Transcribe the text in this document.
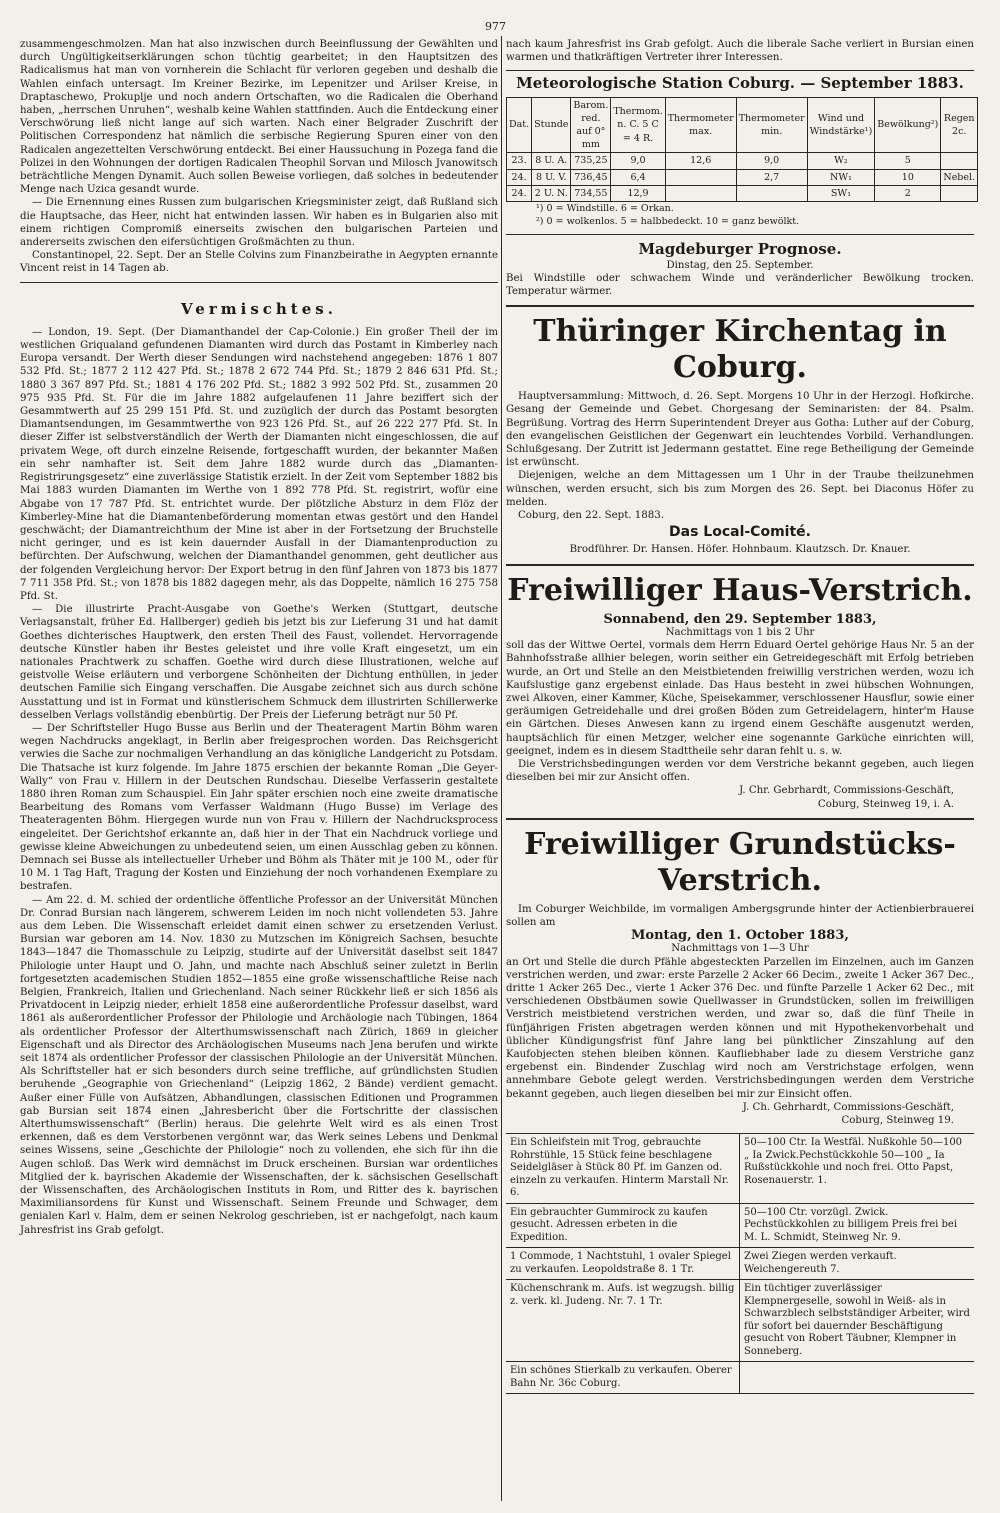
977

zusammengeschmolzen. Man hat also inzwischen durch Beeinflussung der Gewählten und durch Ungültigkeitserklärungen schon tüchtig gearbeitet; in den Hauptsitzen des Radicalismus hat man von vornherein die Schlacht für verloren gegeben und deshalb die Wahlen einfach untersagt. Im Kreiner Bezirke, im Lepenitzer und Arilser Kreise, in Draptaschewo, Prokuplje und noch andern Ortschaften, wo die Radicalen die Oberhand haben, „herrschen Unruhen“, weshalb keine Wahlen stattfinden. Auch die Entdeckung einer Verschwörung ließ nicht lange auf sich warten. Nach einer Belgrader Zuschrift der Politischen Correspondenz hat nämlich die serbische Regierung Spuren einer von den Radicalen angezettelten Verschwörung entdeckt. Bei einer Haussuchung in Pozega fand die Polizei in den Wohnungen der dortigen Radicalen Theophil Sorvan und Milosch Jvanowitsch beträchtliche Mengen Dynamit. Auch sollen Beweise vorliegen, daß solches in bedeutender Menge nach Uzica gesandt wurde.

— Die Ernennung eines Russen zum bulgarischen Kriegsminister zeigt, daß Rußland sich die Hauptsache, das Heer, nicht hat entwinden lassen. Wir haben es in Bulgarien also mit einem richtigen Compromiß einerseits zwischen den bulgarischen Parteien und andererseits zwischen den eifersüchtigen Großmächten zu thun.

Constantinopel, 22. Sept. Der an Stelle Colvins zum Finanzbeirathe in Aegypten ernannte Vincent reist in 14 Tagen ab.

Vermischtes.

— London, 19. Sept. (Der Diamanthandel der Cap-Colonie.) Ein großer Theil der im westlichen Griqualand gefundenen Diamanten wird durch das Postamt in Kimberley nach Europa versandt. Der Werth dieser Sendungen wird nachstehend angegeben: 1876 1 807 532 Pfd. St.; 1877 2 112 427 Pfd. St.; 1878 2 672 744 Pfd. St.; 1879 2 846 631 Pfd. St.; 1880 3 367 897 Pfd. St.; 1881 4 176 202 Pfd. St.; 1882 3 992 502 Pfd. St., zusammen 20 975 935 Pfd. St. Für die im Jahre 1882 aufgelaufenen 11 Jahre beziffert sich der Gesammtwerth auf 25 299 151 Pfd. St. und zuzüglich der durch das Postamt besorgten Diamantsendungen, im Gesammtwerthe von 923 126 Pfd. St., auf 26 222 277 Pfd. St. In dieser Ziffer ist selbstverständlich der Werth der Diamanten nicht eingeschlossen, die auf privatem Wege, oft durch einzelne Reisende, fortgeschafft wurden, der bekannter Maßen ein sehr namhafter ist. Seit dem Jahre 1882 wurde durch das „Diamanten-Registrirungsgesetz“ eine zuverlässige Statistik erzielt. In der Zeit vom September 1882 bis Mai 1883 wurden Diamanten im Werthe von 1 892 778 Pfd. St. registrirt, wofür eine Abgabe von 17 787 Pfd. St. entrichtet wurde. Der plötzliche Absturz in dem Flöz der Kimberley-Mine hat die Diamantenbeförderung momentan etwas gestört und den Handel geschwächt; der Diamantreichthum der Mine ist aber in der Fortsetzung der Bruchstelle nicht geringer, und es ist kein dauernder Ausfall in der Diamantenproduction zu befürchten. Der Aufschwung, welchen der Diamanthandel genommen, geht deutlicher aus der folgenden Vergleichung hervor: Der Export betrug in den fünf Jahren von 1873 bis 1877 7 711 358 Pfd. St.; von 1878 bis 1882 dagegen mehr, als das Doppelte, nämlich 16 275 758 Pfd. St.

— Die illustrirte Pracht-Ausgabe von Goethe's Werken (Stuttgart, deutsche Verlagsanstalt, früher Ed. Hallberger) gedieh bis jetzt bis zur Lieferung 31 und hat damit Goethes dichterisches Hauptwerk, den ersten Theil des Faust, vollendet. Hervorragende deutsche Künstler haben ihr Bestes geleistet und ihre volle Kraft eingesetzt, um ein nationales Prachtwerk zu schaffen. Goethe wird durch diese Illustrationen, welche auf geistvolle Weise erläutern und verborgene Schönheiten der Dichtung enthüllen, in jeder deutschen Familie sich Eingang verschaffen. Die Ausgabe zeichnet sich aus durch schöne Ausstattung und ist in Format und künstlerischem Schmuck dem illustrirten Schillerwerke desselben Verlags vollständig ebenbürtig. Der Preis der Lieferung beträgt nur 50 Pf.

— Der Schriftsteller Hugo Busse aus Berlin und der Theateragent Martin Böhm waren wegen Nachdrucks angeklagt, in Berlin aber freigesprochen worden. Das Reichsgericht verwies die Sache zur nochmaligen Verhandlung an das königliche Landgericht zu Potsdam. Die Thatsache ist kurz folgende. Im Jahre 1875 erschien der bekannte Roman „Die Geyer-Wally“ von Frau v. Hillern in der Deutschen Rundschau. Dieselbe Verfasserin gestaltete 1880 ihren Roman zum Schauspiel. Ein Jahr später erschien noch eine zweite dramatische Bearbeitung des Romans vom Verfasser Waldmann (Hugo Busse) im Verlage des Theateragenten Böhm. Hiergegen wurde nun von Frau v. Hillern der Nachdrucksprocess eingeleitet. Der Gerichtshof erkannte an, daß hier in der That ein Nachdruck vorliege und gewisse kleine Abweichungen zu unbedeutend seien, um einen Ausschlag geben zu können. Demnach sei Busse als intellectueller Urheber und Böhm als Thäter mit je 100 M., oder für 10 M. 1 Tag Haft, Tragung der Kosten und Einziehung der noch vorhandenen Exemplare zu bestrafen.

— Am 22. d. M. schied der ordentliche öffentliche Professor an der Universität München Dr. Conrad Bursian nach längerem, schwerem Leiden im noch nicht vollendeten 53. Jahre aus dem Leben. Die Wissenschaft erleidet damit einen schwer zu ersetzenden Verlust. Bursian war geboren am 14. Nov. 1830 zu Mutzschen im Königreich Sachsen, besuchte 1843—1847 die Thomasschule zu Leipzig, studirte auf der Universität daselbst seit 1847 Philologie unter Haupt und O. Jahn, und machte nach Abschluß seiner zuletzt in Berlin fortgesetzten academischen Studien 1852—1855 eine große wissenschaftliche Reise nach Belgien, Frankreich, Italien und Griechenland. Nach seiner Rückkehr ließ er sich 1856 als Privatdocent in Leipzig nieder, erhielt 1858 eine außerordentliche Professur daselbst, ward 1861 als außerordentlicher Professor der Philologie und Archäologie nach Tübingen, 1864 als ordentlicher Professor der Alterthumswissenschaft nach Zürich, 1869 in gleicher Eigenschaft und als Director des Archäologischen Museums nach Jena berufen und wirkte seit 1874 als ordentlicher Professor der classischen Philologie an der Universität München. Als Schriftsteller hat er sich besonders durch seine treffliche, auf gründlichsten Studien beruhende „Geographie von Griechenland“ (Leipzig 1862, 2 Bände) verdient gemacht. Außer einer Fülle von Aufsätzen, Abhandlungen, classischen Editionen und Programmen gab Bursian seit 1874 einen „Jahresbericht über die Fortschritte der classischen Alterthumswissenschaft“ (Berlin) heraus. Die gelehrte Welt wird es als einen Trost erkennen, daß es dem Verstorbenen vergönnt war, das Werk seines Lebens und Denkmal seines Wissens, seine „Geschichte der Philologie“ noch zu vollenden, ehe sich für ihn die Augen schloß. Das Werk wird demnächst im Druck erscheinen. Bursian war ordentliches Mitglied der k. bayrischen Akademie der Wissenschaften, der k. sächsischen Gesellschaft der Wissenschaften, des Archäologischen Instituts in Rom, und Ritter des k. bayrischen Maximiliansordens für Kunst und Wissenschaft. Seinem Freunde und Schwager, dem genialen Karl v. Halm, dem er seinen Nekrolog geschrieben, ist er nachgefolgt, nach kaum Jahresfrist ins Grab gefolgt.

nach kaum Jahresfrist ins Grab gefolgt. Auch die liberale Sache verliert in Bursian einen warmen und thatkräftigen Vertreter ihrer Interessen.

Meteorologische Station Coburg. — September 1883.
Dat.	Stunde	Barom. red. auf 0° mm	Thermom. n. C. 5 C = 4 R.	Thermometer max.	Thermometer min.	Wind und Windstärke¹)	Bewölkung²)	Regen 2c.
23.	8 U. A.	735,25	9,0	12,6	9,0	W₂	5	
24.	8 U. V.	736,45	6,4		2,7	NW₁	10	Nebel.
24.	2 U. N.	734,55	12,9			SW₁	2	
¹) 0 = Windstille. 6 = Orkan.
²) 0 = wolkenlos. 5 = halbbedeckt. 10 = ganz bewölkt.
Magdeburger Prognose.
Dinstag, den 25. September.

Bei Windstille oder schwachem Winde und veränderlicher Bewölkung trocken. Temperatur wärmer.

Thüringer Kirchentag in Coburg.

Hauptversammlung: Mittwoch, d. 26. Sept. Morgens 10 Uhr in der Herzogl. Hofkirche. Gesang der Gemeinde und Gebet. Chorgesang der Seminaristen: der 84. Psalm. Begrüßung. Vortrag des Herrn Superintendent Dreyer aus Gotha: Luther auf der Coburg, den evangelischen Geistlichen der Gegenwart ein leuchtendes Vorbild. Verhandlungen. Schlußgesang. Der Zutritt ist Jedermann gestattet. Eine rege Betheiligung der Gemeinde ist erwünscht.

Diejenigen, welche an dem Mittagessen um 1 Uhr in der Traube theilzunehmen wünschen, werden ersucht, sich bis zum Morgen des 26. Sept. bei Diaconus Höfer zu melden.

Coburg, den 22. Sept. 1883.

Das Local-Comité.
Brodführer. Dr. Hansen. Höfer. Hohnbaum. Klautzsch. Dr. Knauer.
Freiwilliger Haus-Verstrich.
Sonnabend, den 29. September 1883,
Nachmittags von 1 bis 2 Uhr

soll das der Wittwe Oertel, vormals dem Herrn Eduard Oertel gehörige Haus Nr. 5 an der Bahnhofsstraße allhier belegen, worin seither ein Getreidegeschäft mit Erfolg betrieben wurde, an Ort und Stelle an den Meistbietenden freiwillig verstrichen werden, wozu ich Kaufslustige ganz ergebenst einlade. Das Haus besteht in zwei hübschen Wohnungen, zwei Alkoven, einer Kammer, Küche, Speisekammer, verschlossener Hausflur, sowie einer geräumigen Getreidehalle und drei großen Böden zum Getreidelagern, hinter'm Hause ein Gärtchen. Dieses Anwesen kann zu irgend einem Geschäfte ausgenutzt werden, hauptsächlich für einen Metzger, welcher eine sogenannte Garküche einrichten will, geeignet, indem es in diesem Stadttheile sehr daran fehlt u. s. w.

Die Verstrichsbedingungen werden vor dem Verstriche bekannt gegeben, auch liegen dieselben bei mir zur Ansicht offen.

J. Chr. Gebrhardt, Commissions-Geschäft,
Coburg, Steinweg 19, i. A.
Freiwilliger Grundstücks-Verstrich.

Im Coburger Weichbilde, im vormaligen Ambergsgrunde hinter der Actienbierbrauerei sollen am

Montag, den 1. October 1883,
Nachmittags von 1—3 Uhr

an Ort und Stelle die durch Pfähle abgesteckten Parzellen im Einzelnen, auch im Ganzen verstrichen werden, und zwar: erste Parzelle 2 Acker 66 Decim., zweite 1 Acker 367 Dec., dritte 1 Acker 265 Dec., vierte 1 Acker 376 Dec. und fünfte Parzelle 1 Acker 62 Dec., mit verschiedenen Obstbäumen sowie Quellwasser in Grundstücken, sollen im freiwilligen Verstrich meistbietend verstrichen werden, und zwar so, daß die fünf Theile in fünfjährigen Fristen abgetragen werden können und mit Hypothekenvorbehalt und üblicher Kündigungsfrist fünf Jahre lang bei pünktlicher Zinszahlung auf den Kaufobjecten stehen bleiben können. Kaufliebhaber lade zu diesem Verstriche ganz ergebenst ein. Bindender Zuschlag wird noch am Verstrichstage erfolgen, wenn annehmbare Gebote gelegt werden. Verstrichsbedingungen werden dem Verstriche bekannt gegeben, auch liegen dieselben bei mir zur Einsicht offen.

J. Ch. Gehrhardt, Commissions-Geschäft,
Coburg, Steinweg 19.
Ein Schleifstein mit Trog, gebrauchte Rohrstühle, 15 Stück feine beschlagene Seidelgläser à Stück 80 Pf. im Ganzen od. einzeln zu verkaufen. Hinterm Marstall Nr. 6.
50—100 Ctr. Ia Westfäl. Nußkohle 50—100 „ Ia Zwick.Pechstückkohle 50—100 „ Ia Rußstückkohle und noch frei. Otto Papst, Rosenauerstr. 1.
Ein gebrauchter Gummirock zu kaufen gesucht. Adressen erbeten in die Expedition.
50—100 Ctr. vorzügl. Zwick. Pechstückkohlen zu billigem Preis frei bei M. L. Schmidt, Steinweg Nr. 9.
1 Commode, 1 Nachtstuhl, 1 ovaler Spiegel zu verkaufen. Leopoldstraße 8. 1 Tr.
Zwei Ziegen werden verkauft. Weichengereuth 7.
Küchenschrank m. Aufs. ist wegzugsh. billig z. verk. kl. Judeng. Nr. 7. 1 Tr.
Ein tüchtiger zuverlässiger Klempnergeselle, sowohl in Weiß- als in Schwarzblech selbstständiger Arbeiter, wird für sofort bei dauernder Beschäftigung gesucht von Robert Täubner, Klempner in Sonneberg.
Ein schönes Stierkalb zu verkaufen. Oberer Bahn Nr. 36c Coburg.
